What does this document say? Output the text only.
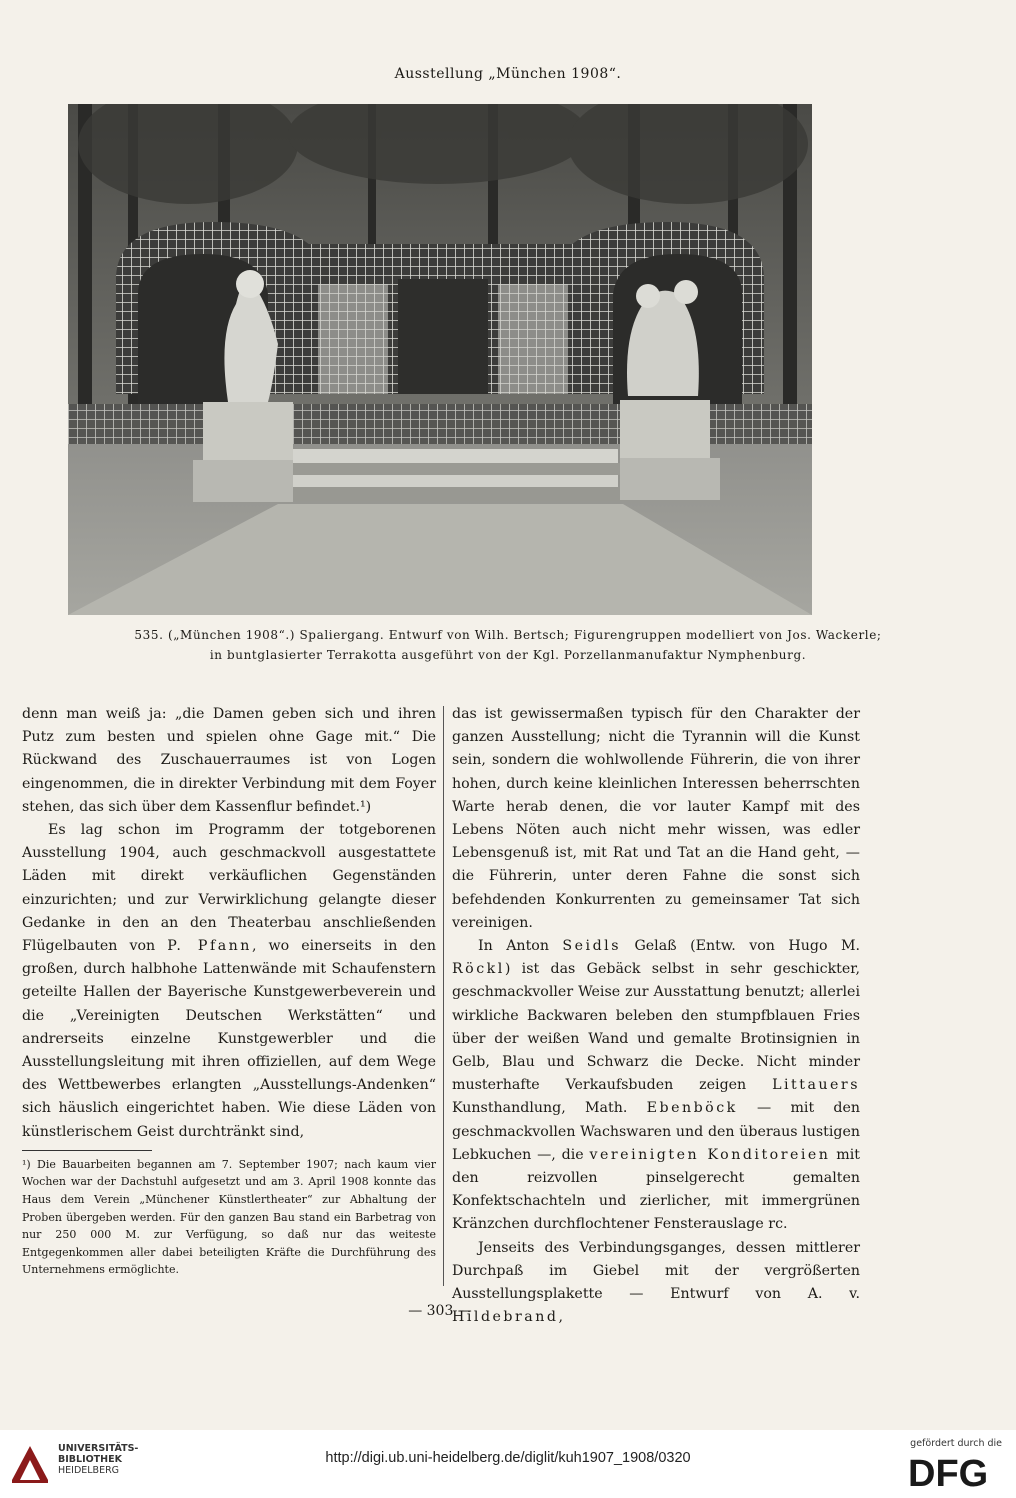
Ausstellung „München 1908“.
535. („München 1908“.) Spaliergang. Entwurf von Wilh. Bertsch; Figurengruppen modelliert von Jos. Wackerle;
in buntglasierter Terrakotta ausgeführt von der Kgl. Porzellanmanufaktur Nymphenburg.

denn man weiß ja: „die Damen geben sich und ihren Putz zum besten und spielen ohne Gage mit.“ Die Rückwand des Zuschauerraumes ist von Logen eingenommen, die in direkter Verbindung mit dem Foyer stehen, das sich über dem Kassenflur befindet.¹)

Es lag schon im Programm der totgeborenen Ausstellung 1904, auch geschmackvoll ausgestattete Läden mit direkt verkäuflichen Gegenständen einzurichten; und zur Verwirklichung gelangte dieser Gedanke in den an den Theaterbau anschließenden Flügelbauten von P. Pfann, wo einerseits in den großen, durch halbhohe Lattenwände mit Schaufenstern geteilte Hallen der Bayerische Kunstgewerbeverein und die „Vereinigten Deutschen Werkstätten“ und andrerseits einzelne Kunstgewerbler und die Ausstellungsleitung mit ihren offiziellen, auf dem Wege des Wettbewerbes erlangten „Ausstellungs-Andenken“ sich häuslich eingerichtet haben. Wie diese Läden von künstlerischem Geist durchtränkt sind,

¹) Die Bauarbeiten begannen am 7. September 1907; nach kaum vier Wochen war der Dachstuhl aufgesetzt und am 3. April 1908 konnte das Haus dem Verein „Münchener Künstlertheater“ zur Abhaltung der Proben übergeben werden. Für den ganzen Bau stand ein Barbetrag von nur 250 000 M. zur Verfügung, so daß nur das weiteste Entgegenkommen aller dabei beteiligten Kräfte die Durchführung des Unternehmens ermöglichte.

das ist gewissermaßen typisch für den Charakter der ganzen Ausstellung; nicht die Tyrannin will die Kunst sein, sondern die wohlwollende Führerin, die von ihrer hohen, durch keine kleinlichen Interessen beherrschten Warte herab denen, die vor lauter Kampf mit des Lebens Nöten auch nicht mehr wissen, was edler Lebensgenuß ist, mit Rat und Tat an die Hand geht, — die Führerin, unter deren Fahne die sonst sich befehdenden Konkurrenten zu gemeinsamer Tat sich vereinigen.

In Anton Seidls Gelaß (Entw. von Hugo M. Röckl) ist das Gebäck selbst in sehr geschickter, geschmackvoller Weise zur Ausstattung benutzt; allerlei wirkliche Backwaren beleben den stumpfblauen Fries über der weißen Wand und gemalte Brotinsignien in Gelb, Blau und Schwarz die Decke. Nicht minder musterhafte Verkaufsbuden zeigen Littauers Kunsthandlung, Math. Ebenböck — mit den geschmackvollen Wachswaren und den überaus lustigen Lebkuchen —, die vereinigten Konditoreien mit den reizvollen pinselgerecht gemalten Konfektschachteln und zierlicher, mit immergrünen Kränzchen durchflochtener Fensterauslage rc.

Jenseits des Verbindungsganges, dessen mittlerer Durchpaß im Giebel mit der vergrößerten Ausstellungsplakette — Entwurf von A. v. Hildebrand,

— 303 —
UNIVERSITÄTS-
BIBLIOTHEK
HEIDELBERG
http://digi.ub.uni-heidelberg.de/diglit/kuh1907_1908/0320
gefördert durch die
DFG
